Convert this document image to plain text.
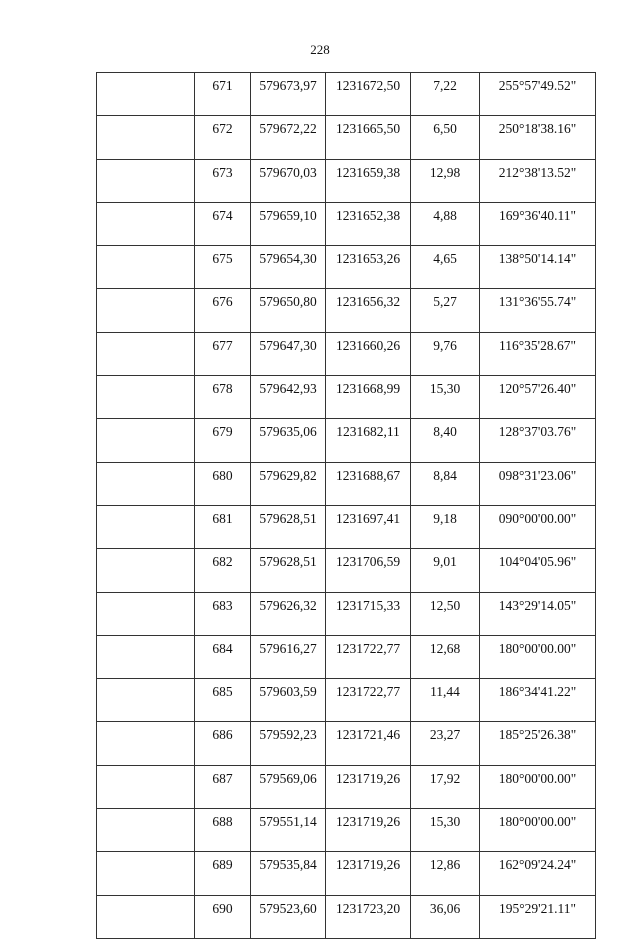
228
	671	579673,97	1231672,50	7,22	255°57'49.52"
	672	579672,22	1231665,50	6,50	250°18'38.16"
	673	579670,03	1231659,38	12,98	212°38'13.52"
	674	579659,10	1231652,38	4,88	169°36'40.11"
	675	579654,30	1231653,26	4,65	138°50'14.14"
	676	579650,80	1231656,32	5,27	131°36'55.74"
	677	579647,30	1231660,26	9,76	116°35'28.67"
	678	579642,93	1231668,99	15,30	120°57'26.40"
	679	579635,06	1231682,11	8,40	128°37'03.76"
	680	579629,82	1231688,67	8,84	098°31'23.06"
	681	579628,51	1231697,41	9,18	090°00'00.00"
	682	579628,51	1231706,59	9,01	104°04'05.96"
	683	579626,32	1231715,33	12,50	143°29'14.05"
	684	579616,27	1231722,77	12,68	180°00'00.00"
	685	579603,59	1231722,77	11,44	186°34'41.22"
	686	579592,23	1231721,46	23,27	185°25'26.38"
	687	579569,06	1231719,26	17,92	180°00'00.00"
	688	579551,14	1231719,26	15,30	180°00'00.00"
	689	579535,84	1231719,26	12,86	162°09'24.24"
	690	579523,60	1231723,20	36,06	195°29'21.11"
